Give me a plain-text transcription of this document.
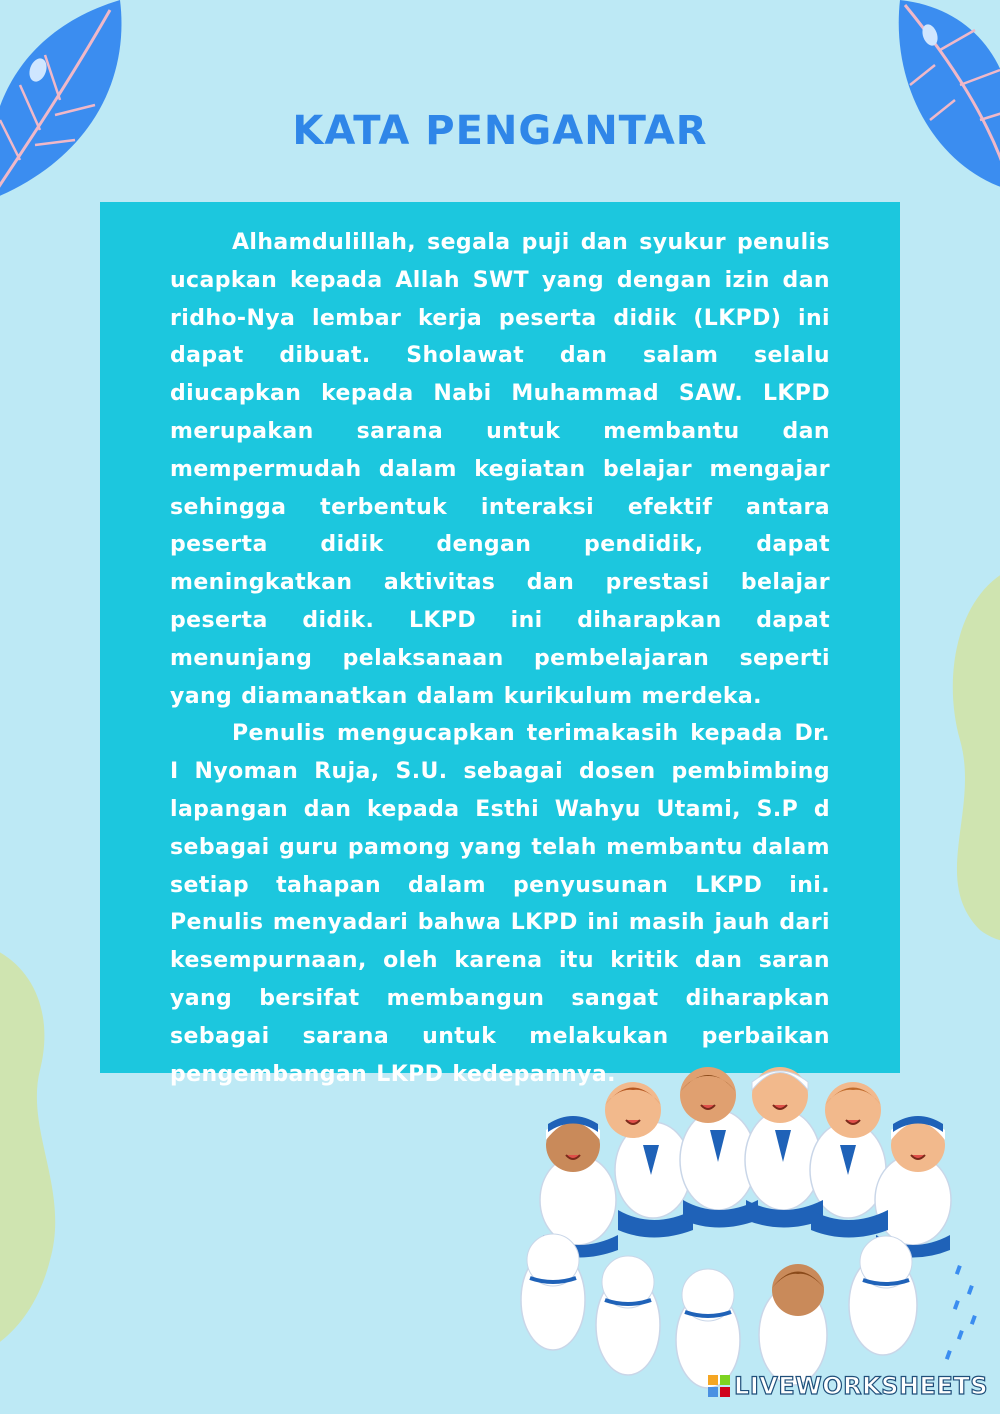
KATA PENGANTAR

Alhamdulillah, segala puji dan syukur penulis ucapkan kepada Allah SWT yang dengan izin dan ridho-Nya lembar kerja peserta didik (LKPD) ini dapat dibuat. Sholawat dan salam selalu diucapkan kepada Nabi Muhammad SAW. LKPD merupakan sarana untuk membantu dan mempermudah dalam kegiatan belajar mengajar sehingga terbentuk interaksi efektif antara peserta didik dengan pendidik, dapat meningkatkan aktivitas dan prestasi belajar peserta didik. LKPD ini diharapkan dapat menunjang pelaksanaan pembelajaran seperti yang diamanatkan dalam kurikulum merdeka.

Penulis mengucapkan terimakasih kepada Dr. I Nyoman Ruja, S.U. sebagai dosen pembimbing lapangan dan kepada Esthi Wahyu Utami, S.P d sebagai guru pamong yang telah membantu dalam setiap tahapan dalam penyusunan LKPD ini. Penulis menyadari bahwa LKPD ini masih jauh dari kesempurnaan, oleh karena itu kritik dan saran yang bersifat membangun sangat diharapkan sebagai sarana untuk melakukan perbaikan pengembangan LKPD kedepannya.

LIVEWORKSHEETS
